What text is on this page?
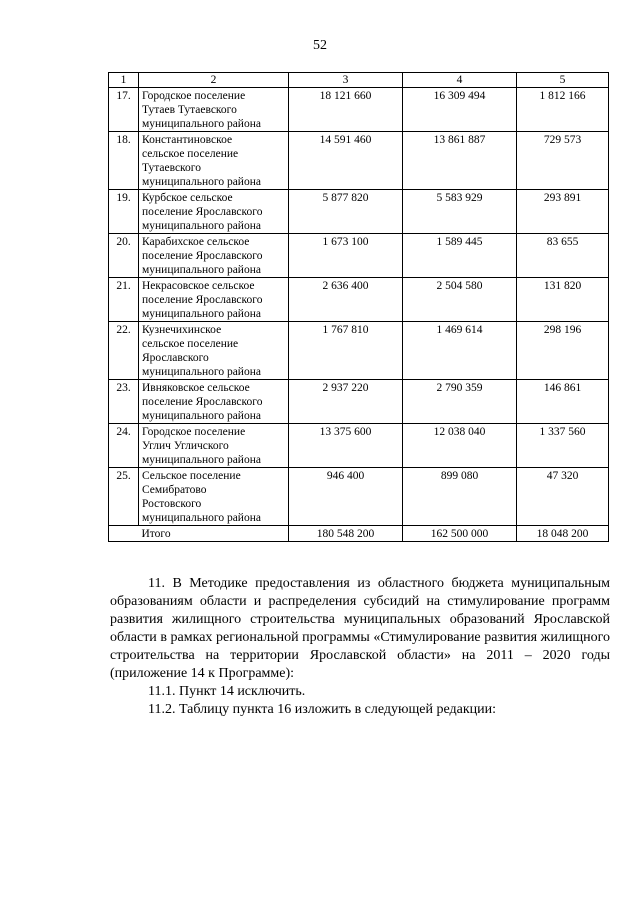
52
1	2	3	4	5
17.	Городское поселение
Тутаев Тутаевского
муниципального района	18 121 660	16 309 494	1 812 166
18.	Константиновское
сельское поселение
Тутаевского
муниципального района	14 591 460	13 861 887	729 573
19.	Курбское сельское
поселение Ярославского
муниципального района	5 877 820	5 583 929	293 891
20.	Карабихское сельское
поселение Ярославского
муниципального района	1 673 100	1 589 445	83 655
21.	Некрасовское сельское
поселение Ярославского
муниципального района	2 636 400	2 504 580	131 820
22.	Кузнечихинское
сельское поселение
Ярославского
муниципального района	1 767 810	1 469 614	298 196
23.	Ивняковское сельское
поселение Ярославского
муниципального района	2 937 220	2 790 359	146 861
24.	Городское поселение
Углич Угличского
муниципального района	13 375 600	12 038 040	1 337 560
25.	Сельское поселение
Семибратово
Ростовского
муниципального района	946 400	899 080	47 320
	Итого	180 548 200	162 500 000	18 048 200

11. В Методике предоставления из областного бюджета муниципальным образованиям области и распределения субсидий на стимулирование программ развития жилищного строительства муниципальных образований Ярославской области в рамках региональной программы «Стимулирование развития жилищного строительства на территории Ярославской области» на 2011 – 2020 годы (приложение 14 к Программе):

11.1. Пункт 14 исключить.

11.2. Таблицу пункта 16 изложить в следующей редакции:
